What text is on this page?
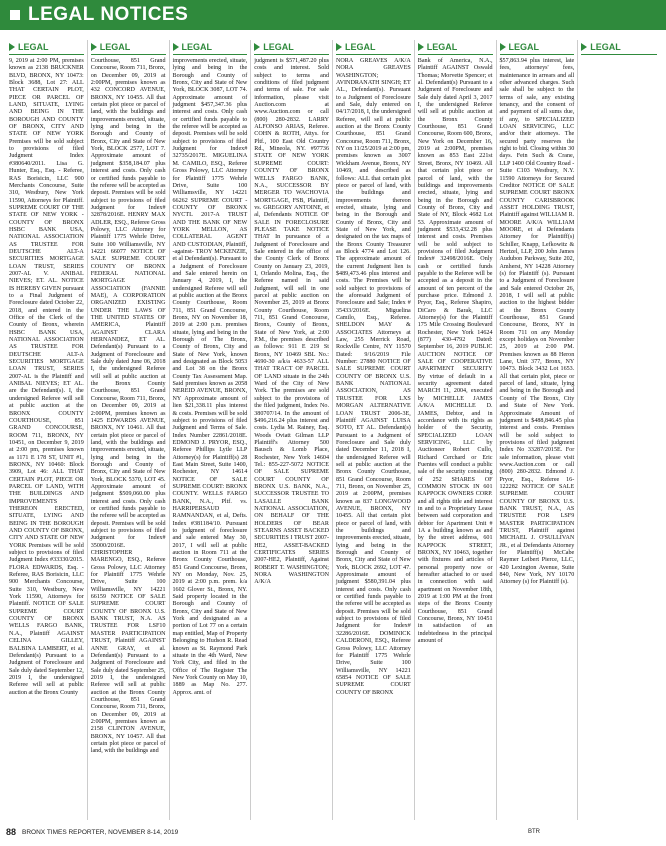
LEGAL NOTICES
LEGAL
9, 2019 at 2:00 PM, premises known as 2138 BRUCKNER BLVD, BRONX, NY 10473: Block 3688, Lot 27: ALL THAT CERTAIN PLOT, PIECE OR PARCEL OF LAND, SITUATE, LYING AND BEING IN THE BOROUGH AND COUNTY OF BRONX, CITY AND STATE OF NEW YORK Premises will be sold subject to provisions of filed Judgment Index #380640/2011. Lisa G. Hunter, Esq., Esq. - Referee, RAS Borisicin, LLC 900 Merchants Concourse, Suite 310, Westbury, New York 11590, Attorneys for Plaintiff. SUPREME COURT OF THE STATE OF NEW YORK - COUNTY OF BRONX HSBC BANK USA, NATIONAL ASSOCIATION AS TRUSTEE FOR DEUTSCHE ALT-A SECURITIES MORTGAGE LOAN TRUST, SERIES 2007-AL V. ANIBAL NIEVES; ET. AL. NOTICE IS HEREBY GIVEN pursuant to a Final Judgment of Foreclosure dated October 22, 2018, and entered in the Office of the Clerk of the County of Bronx, wherein HSBC BANK USA, NATIONAL ASSOCIATION AS TRUSTEE FOR DEUTSCHE ALT-A SECURITIES MORTGAGE LOAN TRUST, SERIES 2007-AL is the Plaintiff and ANIBAL NIEVES; ET AL. are the Defendant(s). I, the undersigned Referee will sell at public auction at the BRONX COUNTY COURTHOUSE, 851 GRAND CONCOURSE, ROOM 711, BRONX, NY 10451, on December 9, 2019 at 2:00 pm, premises known as 1171 E 178 ST, UNIT #1, BRONX, NY 10460: Block 3909, Lot 46: ALL THAT CERTAIN PLOT, PIECE OR PARCEL OF LAND, WITH THE BUILDINGS AND IMPROVEMENTS THEREON ERECTED, SITUATE, LYING AND BEING IN THE BOROUGH AND COUNTY OF BRONX, CITY AND STATE OF NEW YORK Premises will be sold subject to provisions of filed Judgment Index #33330/2015. FLORA EDWARDS, Esq. - Referee, RAS Borisicin, LLC 900 Merchants Concourse, Suite 310, Westbury, New York 11590, Attorneys for Plaintiff. NOTICE OF SALE SUPREME COURT COUNTY OF BRONX WELLS FARGO BANK, N.A., Plaintiff AGAINST CELINA GILLEY, BALBINA LAMBERT, et al. Defendant(s) Pursuant to a Judgment of Foreclosure and Sale duly dated September 12, 2019 I, the undersigned Referee will sell at public auction at the Bronx County
LEGAL
Courthouse, 851 Grand Concourse, Room 711, Bronx, on December 09, 2019 at 2:00PM, premises known as 432 CONCORD AVENUE, BRONX, NY 10455. All that certain plot piece or parcel of land, with the buildings and improvements erected, situate, lying and being in the Borough and County of Bronx, City and State of New York, BLOCK 2577, LOT 7. Approximate amount of judgment $358,184.07 plus interest and costs. Only cash or certified funds payable to the referee will be accepted as deposit. Premises will be sold subject to provisions of filed Judgment for Index# 32878/2016E. HENRY MAX ADLER, ESQ., Referee Gross Polowy, LLC Attorney for Plaintiff 1775 Wehrle Drive, Suite 100 Williamsville, NY 14221 66077 NOTICE OF SALE SUPREME COURT COUNTY OF BRONX FEDERAL NATIONAL MORTGAGE ASSOCIATION (FANNIE MAE), A CORPORATION ORGANIZED EXISTING UNDER THE LAWS OF THE UNITED STATES OF AMERICA, Plaintiff AGAINST CLARA HERNANDEZ, ET AL. Defendant(s) Pursuant to a Judgment of Foreclosure and Sale duly dated June 06, 2018 I, the undersigned Referee will sell at public auction at the Bronx County Courthouse, 851 Grand Concourse, Room 711, Bronx, on December 09, 2019 at 2:00PM, premises known as 1425 EDWARDS AVENUE, BRONX, NY 10461. All that certain plot piece or parcel of land, with the buildings and improvements erected, situate, lying and being in the Borough and County of Bronx, City and State of New York, BLOCK 5370, LOT 45. Approximate amount of judgment $509,060.00 plus interest and costs. Only cash or certified funds payable to the referee will be accepted as deposit. Premises will be sold subject to provisions of filed Judgment for Index# 35000/2016E. CHRISTOPHER MARENGO, ESQ., Referee Gross Polowy, LLC Attorney for Plaintiff 1775 Wehrle Drive, Suite 100 Williamsville, NY 14221 66159 NOTICE OF SALE SUPREME COURT COUNTY OF BRONX U.S. BANK TRUST, N.A. AS TRUSTEE FOR LSF10 MASTER PARTICIPATION TRUST, Plaintiff AGAINST ANNE GRAY, et al. Defendant(s) Pursuant to a Judgment of Foreclosure and Sale duly dated September 25, 2019 I, the undersigned Referee will sell at public auction at the Bronx County Courthouse, 851 Grand Concourse, Room 711, Bronx, on December 09, 2019 at 2:00PM, premises known as 2158 CLINTON AVENUE, BRONX, NY 10457. All that certain plot piece or parcel of land, with the buildings and
LEGAL
improvements erected, situate, lying and being in the Borough and County of Bronx, City and State of New York, BLOCK 3087, LOT 74. Approximate amount of judgment $457,347.36 plus interest and costs. Only cash or certified funds payable to the referee will be accepted as deposit. Premises will be sold subject to provisions of filed Judgment for Index# 32735/2017E. MIGUELINA M. CAMILO, ESQ., Referee Gross Polowy, LLC Attorney for Plaintiff 1775 Wehrle Drive, Suite 100 Williamsville, NY 14221 66262 SUPREME COURT - COUNTY OF BRONX NYCTL 2017-A TRUST AND THE BANK OF NEW YORK MELLON, AS COLLATERAL AGENT AND CUSTODIAN, Plaintiff, -against- TROY MCKENZIE, et al Defendant(s). Pursuant to a Judgment of Foreclosure and Sale entered herein on January 4, 2019, I, the undersigned Referee will sell at public auction at the Bronx County Courthouse, Room 711, 851 Grand Concourse, Bronx, NY on November 18, 2019 at 2:00 p.m. premises situate, lying and being in the Borough of The Bronx, County of Bronx, City and State of New York, known and designated as Block 5053 and Lot 38 on the Bronx County Tax Assessment Map. Said premises known as 2058 NEREID AVENUE, BRONX, NY Approximate amount of lien $21,338.11 plus interest & costs. Premises will be sold subject to provisions of filed Judgment and Terms of Sale. Index Number 22861/2018E. EDMOND J. PRYOR, ESQ., Referee Phillips Lytle LLP Attorney(s) for Plaintiff(s) 28 East Main Street, Suite 1400, Rochester, NY 14614 NOTICE OF SALE SUPREME COURT: BRONX COUNTY. WELLS FARGO BANK, N.A., Pltf. vs. HARRIPERSAUD RAMNANDAN, et al, Defts. Index #381184/10. Pursuant to judgment of foreclosure and sale entered May 30, 2017, I will sell at public auction in Room 711 at the Bronx County Courthouse, 851 Grand Concourse, Bronx, NY on Monday, Nov. 25, 2019 at 2:00 p.m. prem. k/a 1602 Glover St., Bronx, NY. Said property located in the Borough and County of Bronx, City and State of New York and designated as a portion of Lot 77 on a certain map entitled, Map of Property Belonging to Hudson R. Read known as St. Raymond Park situate in the 4th Ward, New York City, and filed in the Office of The Register The New York County on May 10, 1889 as Map No. 277. Approx. amt. of
LEGAL
judgment is $571,487.20 plus costs and interest. Sold subject to terms and conditions of filed judgment and terms of sale. For sale information, please visit Auction.com at www.Auction.com or call (800) 280-2832. LARRY ALFONSO ARIAS, Referee. COHN & ROTH, Attys. for Pltf., 100 East Old Country Rd., Mineola, NY. #97736 STATE OF NEW YORK SUPREME COURT: COUNTY OF BRONX WELLS FARGO BANK, N.A., SUCCESSOR BY MERGER TO WACHOVIA MORTGAGE, FSB, Plaintiff, vs. GREGORY ANTOINE, et al, Defendants NOTICE OF SALE IN FORECLOSURE PLEASE TAKE NOTICE THAT In pursuance of a Judgment of Foreclosure and Sale entered in the office of the County Clerk of Bronx County on January 23, 2019, I, Orlando Molina, Esq., the Referee named in said Judgment, will sell in one parcel at public auction on November 25, 2019 at Bronx County Courthouse, Room 711, 851 Grand Concourse, Bronx, County of Bronx, State of New York, at 2:00 P.M., the premises described as follows: 911 E 219 St Bronx, NY 10469 SBL No.: 4690-30 a/k/a 4633-57 ALL THAT TRACT OF PARCEL OF LAND situate in the 24th Ward of the City of New York. The premises are sold subject to the provisions of the filed judgment, Index No. 380707/14. In the amount of $496,216.24 plus interest and costs. Lydia M. Rainey, Esq. Woods Oviatt Gilman LLP Plaintiff's Attorney 500 Bausch & Lomb Place, Rochester, New York 14604 Tel.: 855-227-5072 NOTICE OF SALE SUPREME COURT COUNTY OF BRONX U.S. BANK, N.A., SUCCESSOR TRUSTEE TO LASALLE BANK NATIONAL ASSOCIATION, ON BEHALF OF THE HOLDERS OF BEAR STEARNS ASSET BACKED SECURITIES I TRUST 2007-HE2, ASSET-BACKED CERTIFICATES SERIES 2007-HE2, Plaintiff, Against ROBERT T. WASHINGTON; NORA WASHINGTON A/K/A
LEGAL
NORA GREAVES A/K/A NORA GREAVES WASHINGTON; AVINDRANATH SINGH; ET AL., Defendant(s). Pursuant to a Judgment of Foreclosure and Sale, duly entered on 04/17/2018, I, the undersigned Referee, will sell at public auction at the Bronx County Courthouse, 851 Grand Concourse, Room 711, Bronx, NY on 11/25/2019 at 2:00 pm, premises known as 3007 Wickham Avenue, Bronx, NY 10469, and described as follows: ALL that certain plot piece or parcel of land, with the buildings and improvements thereon erected, situate, lying and being in the Borough and County of Bronx, City and State of New York, and designated on the tax maps of the Bronx County Treasurer as Block 4774 and Lot 126. The approximate amount of the current Judgment lien is $489,473.46 plus interest and costs. The Premises will be sold subject to provisions of the aforesaid Judgment of Foreclosure and Sale; Index # 35433/2016E. Miguelina Camilo, Esq., Referee. SHELDON MAY & ASSOCIATES Attorneys at Law, 255 Merrick Road, Rockville Centre, NY 11570 Dated: 9/16/2019 File Number: 27880 NOTICE OF SALE SUPREME COURT COUNTY OF BRONX U.S. BANK NATIONAL ASSOCIATION, AS TRUSTEE FOR LXS MORGAN ALTERNATIVE LOAN TRUST 2006-3E, Plaintiff AGAINST LUISA SOTO, ET AL. Defendant(s) Pursuant to a Judgment of Foreclosure and Sale duly dated December 11, 2018 I, the undersigned Referee will sell at public auction at the Bronx County Courthouse, 851 Grand Concourse, Room 711, Bronx, on November 25, 2019 at 2:00PM, premises known as 837 LONGWOOD AVENUE, BRONX, NY 10455. All that certain plot piece or parcel of land, with the buildings and improvements erected, situate, lying and being in the Borough and County of Bronx, City and State of New York, BLOCK 2692, LOT 47. Approximate amount of judgment $580,391.04 plus interest and costs. Only cash or certified funds payable to the referee will be accepted as deposit. Premises will be sold subject to provisions of filed Judgment for Index# 32286/2016E. DOMINICK CALDERONI, ESQ., Referee Gross Polowy, LLC Attorney for Plaintiff 1775 Wehrle Drive, Suite 100 Williamsville, NY 14221 65854 NOTICE OF SALE SUPREME COURT COUNTY OF BRONX
LEGAL
Bank of America, N.A., Plaintiff AGAINST Oswald Thomas; Morvette Spencer; et al. Defendant(s) Pursuant to a Judgment of Foreclosure and Sale duly dated April 3, 2017 I, the undersigned Referee will sell at public auction at the Bronx County Courthouse, 851 Grand Concourse, Room 600, Bronx, New York on December 16, 2019 at 2:00PM, premises known as 853 East 221st Street, Bronx, NY 10469. All that certain plot piece or parcel of land, with the buildings and improvements erected, situate, lying and being in the Borough and County of Bronx, City and State of NY, Block 4682 Lot 53. Approximate amount of judgment $533,432.28 plus interest and costs. Premises will be sold subject to provisions of filed Judgment Index# 32498/2016E. Only cash or certified funds payable to the Referee will be accepted as a deposit in the amount of ten percent of the purchase price. Edmond J. Pryor, Esq., Referee Shapiro, DiCaro & Barak, LLC Attorney(s) for the Plaintiff 175 Mile Crossing Boulevard Rochester, New York 14624 (877) 430-4792 Dated: September 16, 2019 PUBLIC AUCTION NOTICE OF SALE OF COOPERATIVE APARTMENT SECURITY By virtue of default in a security agreement dated MARCH 11, 2004, executed by MICHELLE JAMES A/K/A MICHELLE D. JAMES, Debtor, and in accordance with its rights as holder of the Security, SPECIALIZED LOAN SERVICING, LLC by Auctioneer Robert Cullo, Richard Cerchard or Eric Fuentes will conduct a public sale of the security consisting of 252 SHARES OF COMMON STOCK IN 601 KAPPOCK OWNERS CORP. and all rights title and interest in and to a Proprietary Lease between said corporation and debtor for Apartment Unit # 1A a building known as and by the street address, 601 KAPPOCK STREET, BRONX, NY 10463, together with fixtures and articles of personal property now or hereafter attached to or used in connection with said apartment on November 18th, 2019 at 1:00 PM at the front steps of the Bronx County Courthouse, 851 Grand Concourse, Bronx, NY 10451 in satisfaction of an indebtedness in the principal amount of
LEGAL
$57,863.94 plus interest, late fees, attorneys' fees, maintenance in arrears and all other advanced charges. Such sale shall be subject to the terms of sale, any existing tenancy, and the consent of and payment of all sums due, if any, to SPECIALIZED LOAN SERVICING, LLC and/or their attorneys. The secured party reserves the right to bid. Closing within 30 days. Fein Such & Crane, LLP 1400 Old Country Road - Suite C103 Westbury, N.Y. 11590 Attorneys for Secured Creditor NOTICE OF SALE SUPREME COURT BRONX COUNTY CARISBROOK ASSET HOLDING TRUST, Plaintiff against WILLIAM R. MOORE A/K/A WILLIAM MOORE, et al Defendants Attorney for Plaintiff(s) Schiller, Knapp, Lefkowitz & Hertzel, LLP, 200 John James Audubon Parkway, Suite 202, Amherst, NY 14228 Attorney (s) for Plaintiff (s). Pursuant to a Judgment of Foreclosure and Sale entered October 26, 2018, I will sell at public auction to the highest bidder at the Bronx County Courthouse, 851 Grand Concourse, Bronx, NY in Room 711 on any Monday except holidays on November 25, 2019 at 2:00 PM. Premises known as 88 Heron Lane, Unit 377, Bronx, NY 10473. Block 3432 Lot 1653. All that certain plot, piece or parcel of land, situate, lying and being in the Borough and County of The Bronx, City and State of New York. Approximate Amount of judgment is $488,846.45 plus interest and costs. Premises will be sold subject to provisions of filed judgment Index No 33287/2015E. For sale information, please visit www.Auction.com or call (800) 280-2832. Edmond J. Pryor, Esq., Referee 16-122282 NOTICE OF SALE SUPREME COURT COUNTY OF BRONX U.S. BANK TRUST, N.A., AS TRUSTEE FOR LSF9 MASTER PARTICIPATION TRUST, Plaintiff against MICHAEL J. O'SULLIVAN JR., et al Defendants Attorney for Plaintiff(s) McCabe Raymer Leibert Pierce, LLC, 420 Lexington Avenue, Suite 840, New York, NY 10170 Attorney (s) for Plaintiff (s).
LEGAL
88 BRONX TIMES REPORTER, NOVEMBER 8-14, 2019	BTR
